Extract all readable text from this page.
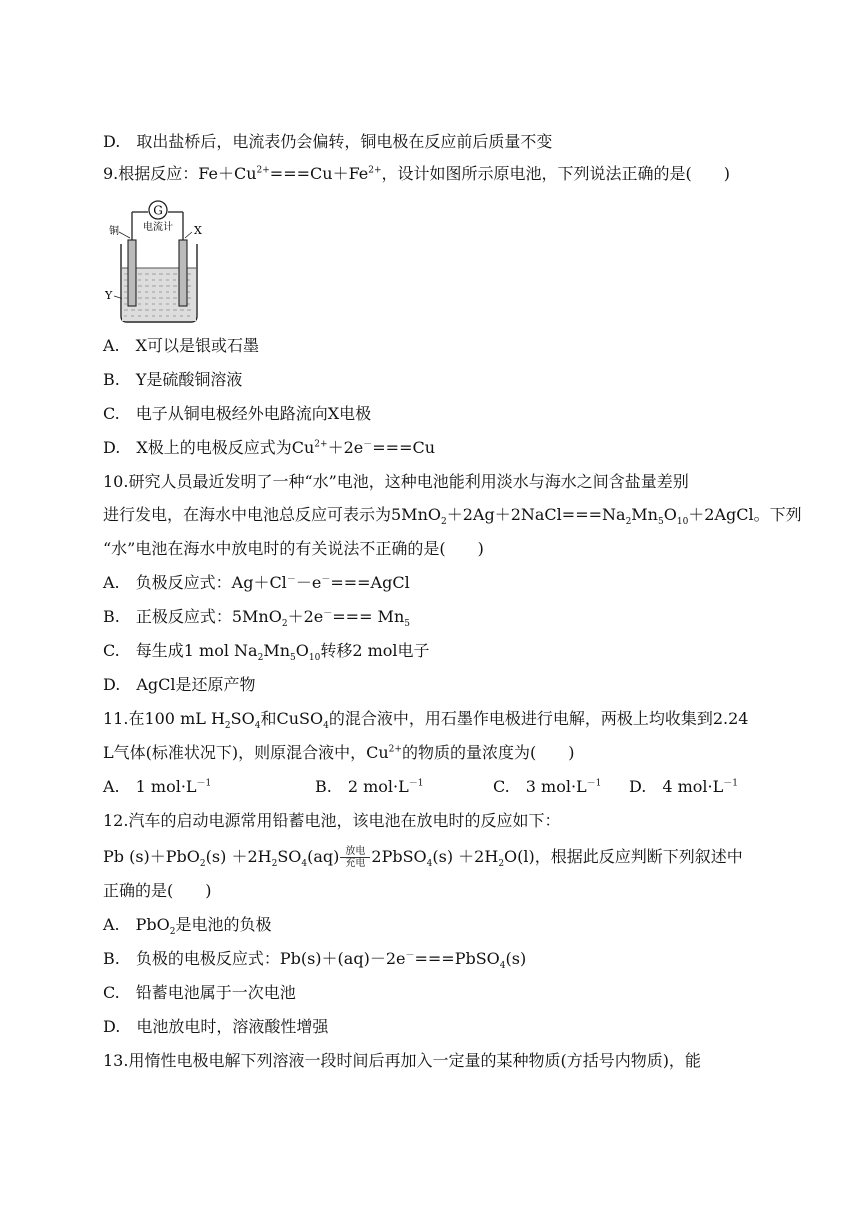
D. 取出盐桥后，电流表仍会偏转，铜电极在反应前后质量不变
9.根据反应：$Fe+Cu^{2+}===Cu+Fe^{2+}$，设计如图所示原电池，下列说法正确的是(　　)
G
电流计
铜	X
Y
A. X可以是银或石墨
B. Y是硫酸铜溶液
C. 电子从铜电极经外电路流向X电极
D. X极上的电极反应式为$Cu^{2+}+2e^-===Cu$
10.研究人员最近发明了一种“水”电池，这种电池能利用淡水与海水之间含盐量差别
进行发电，在海水中电池总反应可表示为$5MnO_2+2Ag+2NaCl===Na_2Mn_5O_{10}+2AgCl$。下列
“水”电池在海水中放电时的有关说法不正确的是(　　)
A. 负极反应式：Ag＋Cl－－e－===AgCl
B. 正极反应式：$5MnO_2+2e^-=== Mn_5$
C. 每生成1 mol $Na_2Mn_5O_{10}$转移2 mol电子
D. AgCl是还原产物
11.在100 mL $H_2SO_4$和CuSO$_4$的混合液中，用石墨作电极进行电解，两极上均收集到2.24
L气体(标准状况下)，则原混合液中，$Cu^{2+}$的物质的量浓度为(　　)
A. 1 $mol\cdot L^{-1}$	B. 2 $mol\cdot L^{-1}$	C. 3 $mol\cdot L^{-1}$ D. 4 $mol\cdot L^{-1}$
12.汽车的启动电源常用铅蓄电池，该电池在放电时的反应如下：
Pb $(s)+PbO_2(s) +2H_2SO_4(aq)$ 放电
充电 2PbSO$_4$(s) $+2H_2O(l)$，根据此反应判断下列叙述中
正确的是(　　)
A. PbO$_2$是电池的负极
B. 负极的电极反应式：Pb(s)＋(aq)－2e－===PbSO$_4$(s)
C. 铅蓄电池属于一次电池
D. 电池放电时，溶液酸性增强
13.用惰性电极电解下列溶液一段时间后再加入一定量的某种物质(方括号内物质)，能
